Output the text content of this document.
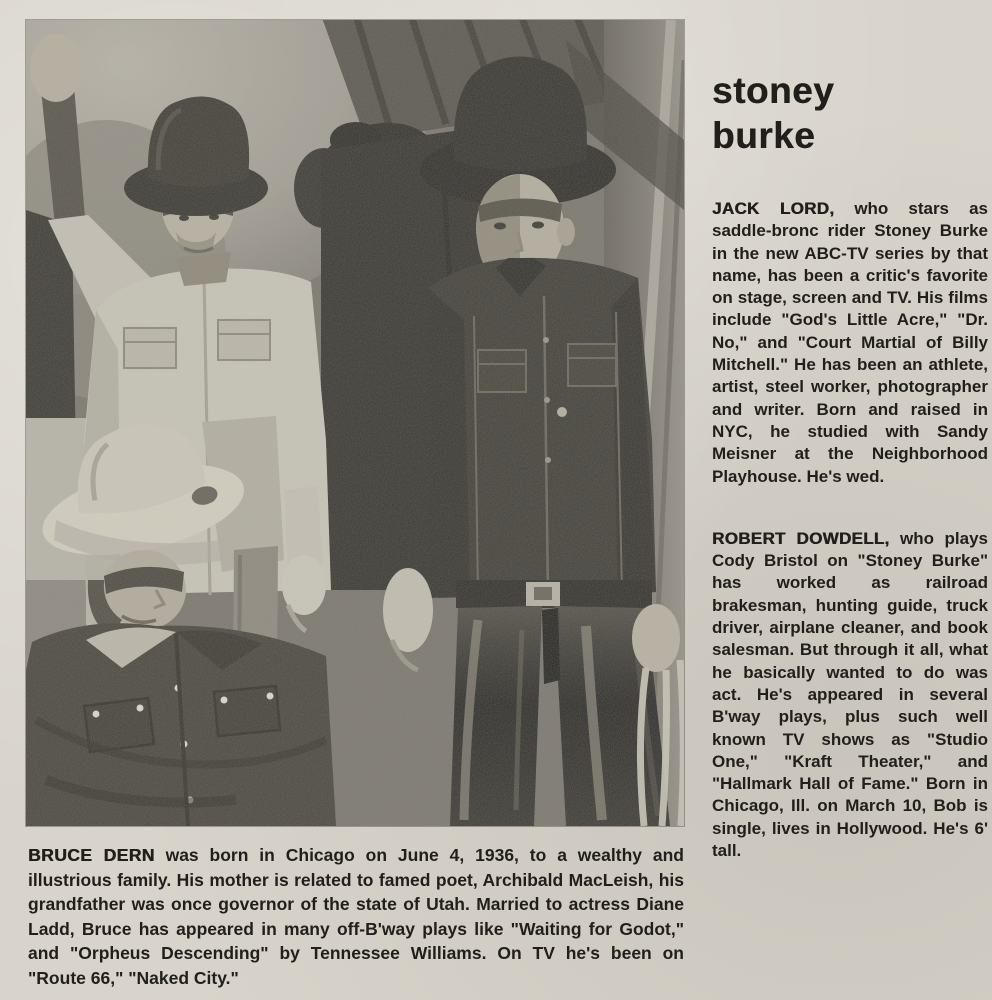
stoney
burke

JACK LORD, who stars as saddle-bronc rider Stoney Burke in the new ABC-TV series by that name, has been a critic's favorite on stage, screen and TV. His films include "God's Little Acre," "Dr. No," and "Court Martial of Billy Mitchell." He has been an athlete, artist, steel worker, photographer and writer. Born and raised in NYC, he studied with Sandy Meisner at the Neighborhood Playhouse. He's wed.

ROBERT DOWDELL, who plays Cody Bristol on "Stoney Burke" has worked as railroad brakesman, hunting guide, truck driver, airplane cleaner, and book salesman. But through it all, what he basically wanted to do was act. He's appeared in several B'way plays, plus such well known TV shows as "Studio One," "Kraft Theater," and "Hallmark Hall of Fame." Born in Chicago, Ill. on March 10, Bob is single, lives in Hollywood. He's 6' tall.

BRUCE DERN was born in Chicago on June 4, 1936, to a wealthy and illustrious family. His mother is related to famed poet, Archibald MacLeish, his grandfather was once governor of the state of Utah. Married to actress Diane Ladd, Bruce has appeared in many off-B'way plays like "Waiting for Godot," and "Orpheus Descending" by Tennessee Williams. On TV he's been on "Route 66," "Naked City."
